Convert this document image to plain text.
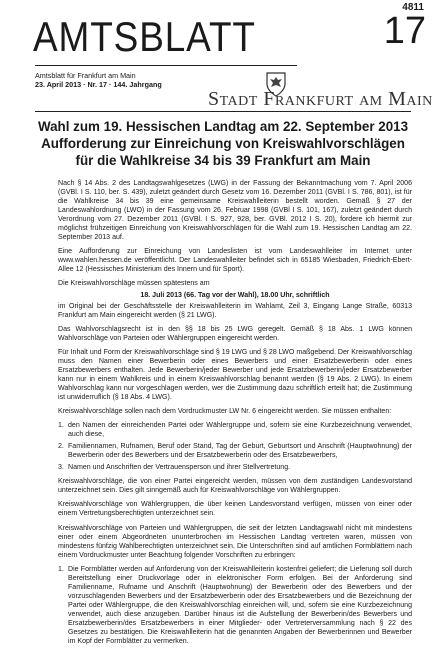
AMTSBLATT
4811
17
Amtsblatt für Frankfurt am Main
23. April 2013 · Nr. 17 · 144. Jahrgang
Stadt Frankfurt am Main
Wahl zum 19. Hessischen Landtag am 22. September 2013
Aufforderung zur Einreichung von Kreiswahlvorschlägen
für die Wahlkreise 34 bis 39 Frankfurt am Main

Nach § 14 Abs. 2 des Landtagswahlgesetzes (LWG) in der Fassung der Bekanntmachung vom 7. April 2006 (GVBl. I S. 110, ber. S. 439), zuletzt geändert durch Gesetz vom 16. Dezember 2011 (GVBl. I S. 786, 801), ist für die Wahlkreise 34 bis 39 eine gemeinsame Kreiswahlleiterin bestellt worden. Gemäß § 27 der Landeswahlordnung (LWO) in der Fassung vom 26. Februar 1998 (GVBl I S. 101, 167), zuletzt geändert durch Verordnung vom 27. Dezember 2011 (GVBl. I S. 927, 928, ber. GVBl. 2012 I S. 20), fordere ich hiermit zur möglichst frühzeitigen Einreichung von Kreiswahlvorschlägen für die Wahl zum 19. Hessischen Landtag am 22. September 2013 auf.

Eine Aufforderung zur Einreichung von Landeslisten ist vom Landeswahlleiter im Internet unter www.wahlen.hessen.de veröffentlicht. Der Landeswahlleiter befindet sich in 65185 Wiesbaden, Friedrich-Ebert-Allee 12 (Hessisches Ministerium des Innern und für Sport).

Die Kreiswahlvorschläge müssen spätestens am

18. Juli 2013 (66. Tag vor der Wahl), 18.00 Uhr, schriftlich

im Original bei der Geschäftsstelle der Kreiswahlleiterin im Wahlamt, Zeil 3, Eingang Lange Straße, 60313 Frankfurt am Main eingereicht werden (§ 21 LWG).

Das Wahlvorschlagsrecht ist in den §§ 18 bis 25 LWG geregelt. Gemäß § 18 Abs. 1 LWG können Wahlvorschläge von Parteien oder Wählergruppen eingereicht werden.

Für Inhalt und Form der Kreiswahlvorschläge sind § 19 LWG und § 28 LWO maßgebend. Der Kreiswahlvorschlag muss den Namen einer Bewerberin oder eines Bewerbers und einer Ersatzbewerberin oder eines Ersatzbewerbers enthalten. Jede Bewerberin/jeder Bewerber und jede Ersatzbewerberin/jeder Ersatzbewerber kann nur in einem Wahlkreis und in einem Kreiswahlvorschlag benannt werden (§ 19 Abs. 2 LWG). In einem Wahlvorschlag kann nur vorgeschlagen werden, wer die Zustimmung dazu schriftlich erteilt hat; die Zustimmung ist unwiderruflich (§ 18 Abs. 4 LWG).

Kreiswahlvorschläge sollen nach dem Vordruckmuster LW Nr. 6 eingereicht werden. Sie müssen enthalten:

1. den Namen der einreichenden Partei oder Wählergruppe und, sofern sie eine Kurzbezeichnung verwendet, auch diese,
2. Familiennamen, Rufnamen, Beruf oder Stand, Tag der Geburt, Geburtsort und Anschrift (Hauptwohnung) der Bewerberin oder des Bewerbers und der Ersatzbewerberin oder des Ersatzbewerbers,
3. Namen und Anschriften der Vertrauensperson und ihrer Stellvertretung.

Kreiswahlvorschläge, die von einer Partei eingereicht werden, müssen von dem zuständigen Landesvorstand unterzeichnet sein. Dies gilt sinngemäß auch für Kreiswahlvorschläge von Wählergruppen.

Kreiswahlvorschläge von Wählergruppen, die über keinen Landesvorstand verfügen, müssen von einer oder einem Vertretungsberechtigten unterzeichnet sein.

Kreiswahlvorschläge von Parteien und Wählergruppen, die seit der letzten Landtagswahl nicht mit mindestens einer oder einem Abgeordneten ununterbrochen im Hessischen Landtag vertreten waren, müssen von mindestens fünfzig Wahlberechtigten unterzeichnet sein. Die Unterschriften sind auf amtlichen Formblättern nach einem Vordruckmuster unter Beachtung folgender Vorschriften zu erbringen:

1. Die Formblätter werden auf Anforderung von der Kreiswahlleiterin kostenfrei geliefert; die Lieferung soll durch Bereitstellung einer Druckvorlage oder in elektronischer Form erfolgen. Bei der Anforderung sind Familienname, Rufname und Anschrift (Hauptwohnung) der Bewerberin oder des Bewerbers und der vorzuschlagenden Bewerbers und der Ersatzbewerberin oder des Ersatzbewerbers und die Bezeichnung der Partei oder Wählergruppe, die den Kreiswahlvorschlag einreichen will, und, sofern sie eine Kurzbezeichnung verwendet, auch diese anzugeben. Darüber hinaus ist die Aufstellung der Bewerberin/des Bewerbers und Ersatzbewerberin/des Ersatzbewerbers in einer Mitglieder- oder Vertreterversammlung nach § 22 des Gesetzes zu bestätigen. Die Kreiswahlleiterin hat die genannten Angaben der Bewerberinnen und Bewerber im Kopf der Formblätter zu vermerken.
